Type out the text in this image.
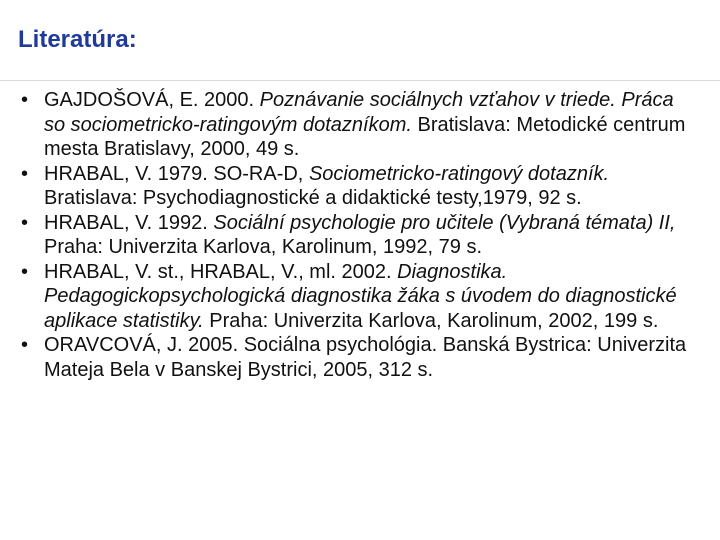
Literatúra:
• GAJDOŠOVÁ, E. 2000. Poznávanie sociálnych vzťahov v triede. Práca so sociometricko-ratingovým dotazníkom. Bratislava: Metodické centrum mesta Bratislavy, 2000, 49 s.
• HRABAL, V. 1979. SO-RA-D, Sociometricko-ratingový dotazník. Bratislava: Psychodiagnostické a didaktické testy,1979, 92 s.
• HRABAL, V. 1992. Sociální psychologie pro učitele (Vybraná témata) II, Praha: Univerzita Karlova, Karolinum, 1992, 79 s.
• HRABAL, V. st., HRABAL, V., ml. 2002. Diagnostika. Pedagogickopsychologická diagnostika žáka s úvodem do diagnostické aplikace statistiky. Praha: Univerzita Karlova, Karolinum, 2002, 199 s.
• ORAVCOVÁ, J. 2005. Sociálna psychológia. Banská Bystrica: Univerzita Mateja Bela v Banskej Bystrici, 2005, 312 s.
